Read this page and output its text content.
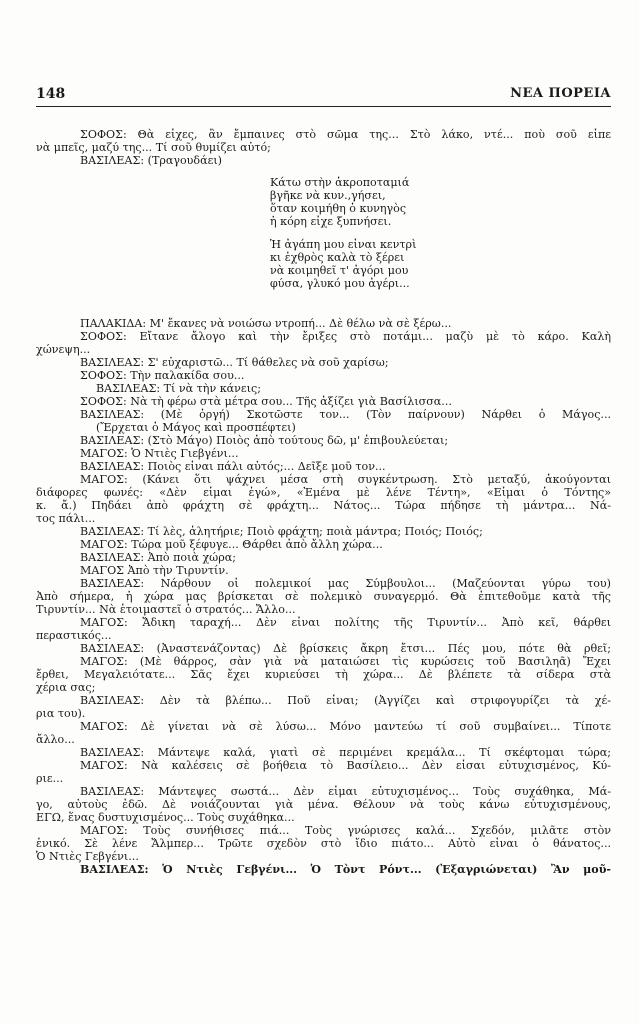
148	ΝΕΑ ΠΟΡΕΙΑ
ΣΟΦΟΣ: Θὰ εἶχες, ἂν ἔμπαινες στὸ σῶμα της... Στὸ λάκο, ντέ... ποὺ σοῦ εἶπε
νὰ μπεῖς, μαζύ της... Τί σοῦ θυμίζει αὐτό;
ΒΑΣΙΛΕΑΣ: (Τραγουδάει)
Κάτω στὴν ἀκροποταμιά
βγῆκε νὰ κυν.,γήσει,
ὅταν κοιμήθη ὁ κυνηγὸς
ἡ κόρη εἶχε ξυπνήσει.
Ἡ ἀγάπη μου εἶναι κεντρὶ
κι ἐχθρὸς καλὰ τὸ ξέρει
νὰ κοιμηθεῖ τ' ἀγόρι μου
φύσα, γλυκό μου ἀγέρι...
ΠΑΛΑΚΙΔΑ: Μ' ἔκανες νὰ νοιώσω ντροπή... Δὲ θέλω νὰ σὲ ξέρω...
ΣΟΦΟΣ: Εἴτανε ἄλογο καὶ τὴν ἔριξες στὸ ποτάμι... μαζὺ μὲ τὸ κάρο. Καλὴ
χώνεψη...
ΒΑΣΙΛΕΑΣ: Σ' εὐχαριστῶ... Τί θάθελες νὰ σοῦ χαρίσω;
ΣΟΦΟΣ: Τὴν παλακίδα σου...
ΒΑΣΙΛΕΑΣ: Τί νὰ τὴν κάνεις;
ΣΟΦΟΣ: Νὰ τὴ φέρω στὰ μέτρα σου... Τῆς ἀξίζει γιὰ Βασίλισσα...
ΒΑΣΙΛΕΑΣ: (Μὲ ὀργή) Σκοτῶστε τον... (Τὸν παίρνουν) Νάρθει ὁ Μάγος...
(Ἔρχεται ὁ Μάγος καὶ προσπέφτει)
ΒΑΣΙΛΕΑΣ: (Στὸ Μάγο) Ποιὸς ἀπὸ τούτους δῶ, μ' ἐπιβουλεύεται;
ΜΑΓΟΣ: Ὁ Ντιὲς Γιεβγένι...
ΒΑΣΙΛΕΑΣ: Ποιὸς εἶναι πάλι αὐτός;... Δεῖξε μοῦ τον...
ΜΑΓΟΣ: (Κάνει ὅτι ψάχνει μέσα στὴ συγκέντρωση. Στὸ μεταξύ, ἀκούγονται
διάφορες φωνές: «Δὲν εἶμαι ἐγώ», «Ἐμένα μὲ λένε Τέντη», «Εἶμαι ὁ Τόντης»
κ. ἄ.) Πηδάει ἀπὸ φράχτη σὲ φράχτη... Νάτος... Τώρα πήδησε τὴ μάντρα... Νά-
τος πάλι...
ΒΑΣΙΛΕΑΣ: Τί λὲς, ἀλητήριε; Ποιὸ φράχτη; ποιὰ μάντρα; Ποιός; Ποιός;
ΜΑΓΟΣ: Τώρα μοῦ ξέφυγε... Θάρθει ἀπὸ ἄλλη χώρα...
ΒΑΣΙΛΕΑΣ: Ἀπὸ ποιὰ χώρα;
ΜΑΓΟΣ Ἀπὸ τὴν Τιρυντίν.
ΒΑΣΙΛΕΑΣ: Νάρθουν οἱ πολεμικοί μας Σύμβουλοι... (Μαζεύονται γύρω του)
Ἀπὸ σήμερα, ἡ χώρα μας βρίσκεται σὲ πολεμικὸ συναγερμό. Θὰ ἐπιτεθοῦμε κατὰ τῆς
Τιρυντίν... Νὰ ἑτοιμαστεῖ ὁ στρατός... Ἄλλο...
ΜΑΓΟΣ: Ἄδικη ταραχή... Δὲν εἶναι πολίτης τῆς Τιρυντίν... Ἀπὸ κεῖ, θάρθει
περαστικός...
ΒΑΣΙΛΕΑΣ: (Ἀναστενάζοντας) Δὲ βρίσκεις ἄκρη ἔτσι... Πές μου, πότε θὰ ρθεῖ;
ΜΑΓΟΣ: (Μὲ θάρρος, σὰν γιὰ νὰ ματαιώσει τὶς κυρώσεις τοῦ Βασιληᾶ) Ἔχει
ἔρθει, Μεγαλειότατε... Σᾶς ἔχει κυριεύσει τὴ χώρα... Δὲ βλέπετε τὰ σίδερα στὰ
χέρια σας;
ΒΑΣΙΛΕΑΣ: Δὲν τὰ βλέπω... Ποῦ εἶναι; (Ἀγγίζει καὶ στριφογυρίζει τὰ χέ-
ρια του).
ΜΑΓΟΣ: Δὲ γίνεται νὰ σὲ λύσω... Μόνο μαντεύω τί σοῦ συμβαίνει... Τίποτε
ἄλλο...
ΒΑΣΙΛΕΑΣ: Μάντεψε καλά, γιατὶ σὲ περιμένει κρεμάλα... Τί σκέφτομαι τώρα;
ΜΑΓΟΣ: Νὰ καλέσεις σὲ βοήθεια τὸ Βασίλειο... Δὲν εἶσαι εὐτυχισμένος, Κύ-
ριε...
ΒΑΣΙΛΕΑΣ: Μάντεψες σωστά... Δὲν εἶμαι εὐτυχισμένος... Τοὺς συχάθηκα, Μά-
γο, αὐτοὺς ἐδῶ. Δὲ νοιάζουνται γιὰ μένα. Θέλουν νὰ τοὺς κάνω εὐτυχισμένους,
ΕΓΩ, ἕνας δυστυχισμένος... Τοὺς συχάθηκα...
ΜΑΓΟΣ: Τοὺς συνήθισες πιά... Τοὺς γνώρισες καλά... Σχεδόν, μιλᾶτε στὸν
ἑνικό. Σὲ λένε Ἄλμπερ... Τρῶτε σχεδὸν στὸ ἴδιο πιάτο... Αὐτὸ εἶναι ὁ θάνατος...
Ὁ Ντιὲς Γεβγένι...
ΒΑΣΙΛΕΑΣ: Ὁ Ντιὲς Γεβγένι... Ὁ Τὸντ Ρόντ... (Ἐξαγριώνεται) Ἂν μοῦ-
